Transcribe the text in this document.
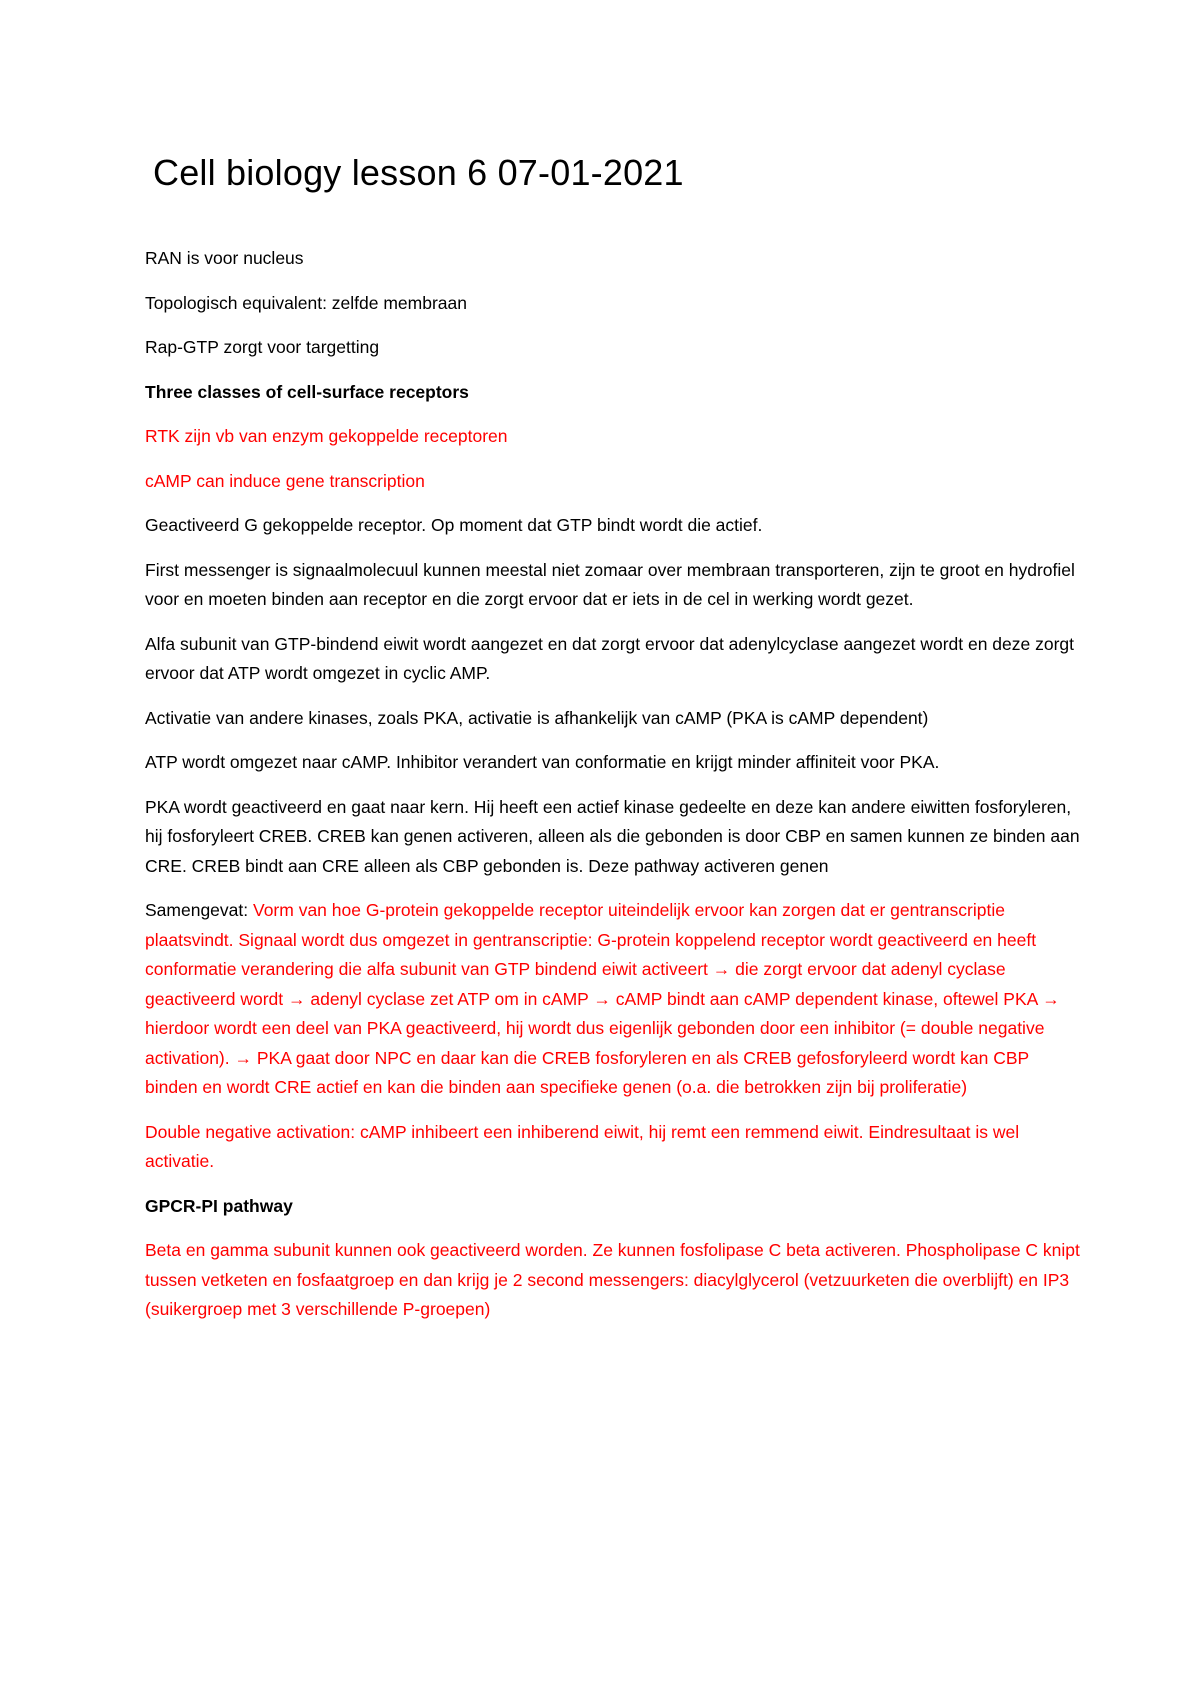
Cell biology lesson 6 07-01-2021

RAN is voor nucleus

Topologisch equivalent: zelfde membraan

Rap-GTP zorgt voor targetting

Three classes of cell-surface receptors

RTK zijn vb van enzym gekoppelde receptoren

cAMP can induce gene transcription

Geactiveerd G gekoppelde receptor. Op moment dat GTP bindt wordt die actief.

First messenger is signaalmolecuul kunnen meestal niet zomaar over membraan transporteren, zijn te groot en hydrofiel voor en moeten binden aan receptor en die zorgt ervoor dat er iets in de cel in werking wordt gezet.

Alfa subunit van GTP-bindend eiwit wordt aangezet en dat zorgt ervoor dat adenylcyclase aangezet wordt en deze zorgt ervoor dat ATP wordt omgezet in cyclic AMP.

Activatie van andere kinases, zoals PKA, activatie is afhankelijk van cAMP (PKA is cAMP dependent)

ATP wordt omgezet naar cAMP. Inhibitor verandert van conformatie en krijgt minder affiniteit voor PKA.

PKA wordt geactiveerd en gaat naar kern. Hij heeft een actief kinase gedeelte en deze kan andere eiwitten fosforyleren, hij fosforyleert CREB. CREB kan genen activeren, alleen als die gebonden is door CBP en samen kunnen ze binden aan CRE. CREB bindt aan CRE alleen als CBP gebonden is. Deze pathway activeren genen

Samengevat: Vorm van hoe G-protein gekoppelde receptor uiteindelijk ervoor kan zorgen dat er gentranscriptie plaatsvindt. Signaal wordt dus omgezet in gentranscriptie: G-protein koppelend receptor wordt geactiveerd en heeft conformatie verandering die alfa subunit van GTP bindend eiwit activeert → die zorgt ervoor dat adenyl cyclase geactiveerd wordt → adenyl cyclase zet ATP om in cAMP → cAMP bindt aan cAMP dependent kinase, oftewel PKA → hierdoor wordt een deel van PKA geactiveerd, hij wordt dus eigenlijk gebonden door een inhibitor (= double negative activation). → PKA gaat door NPC en daar kan die CREB fosforyleren en als CREB gefosforyleerd wordt kan CBP binden en wordt CRE actief en kan die binden aan specifieke genen (o.a. die betrokken zijn bij proliferatie)

Double negative activation: cAMP inhibeert een inhiberend eiwit, hij remt een remmend eiwit. Eindresultaat is wel activatie.

GPCR-PI pathway

Beta en gamma subunit kunnen ook geactiveerd worden. Ze kunnen fosfolipase C beta activeren. Phospholipase C knipt tussen vetketen en fosfaatgroep en dan krijg je 2 second messengers: diacylglycerol (vetzuurketen die overblijft) en IP3 (suikergroep met 3 verschillende P-groepen)
